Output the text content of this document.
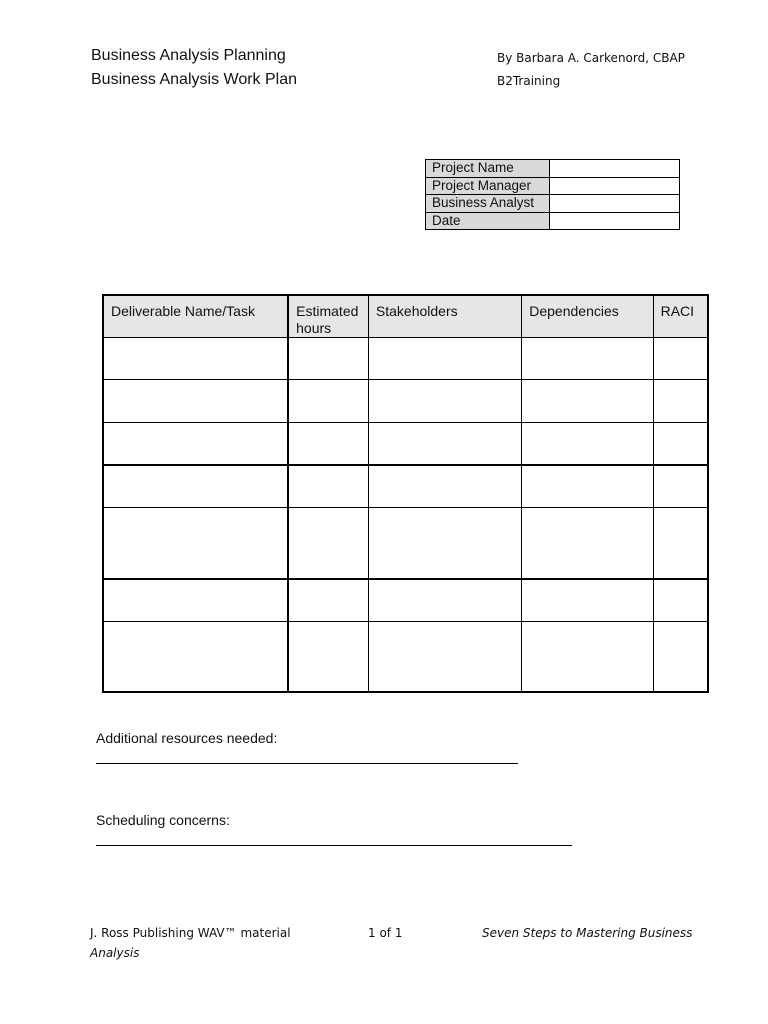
Business Analysis Planning
Business Analysis Work Plan
By Barbara A. Carkenord, CBAP
B2Training
Project Name	
Project Manager	
Business Analyst	
Date	
Deliverable Name/Task	Estimated hours	Stakeholders	Dependencies	RACI

Additional resources needed:
Scheduling concerns:
J. Ross Publishing WAV™ material	1 of 1	Seven Steps to Mastering Business
Analysis
